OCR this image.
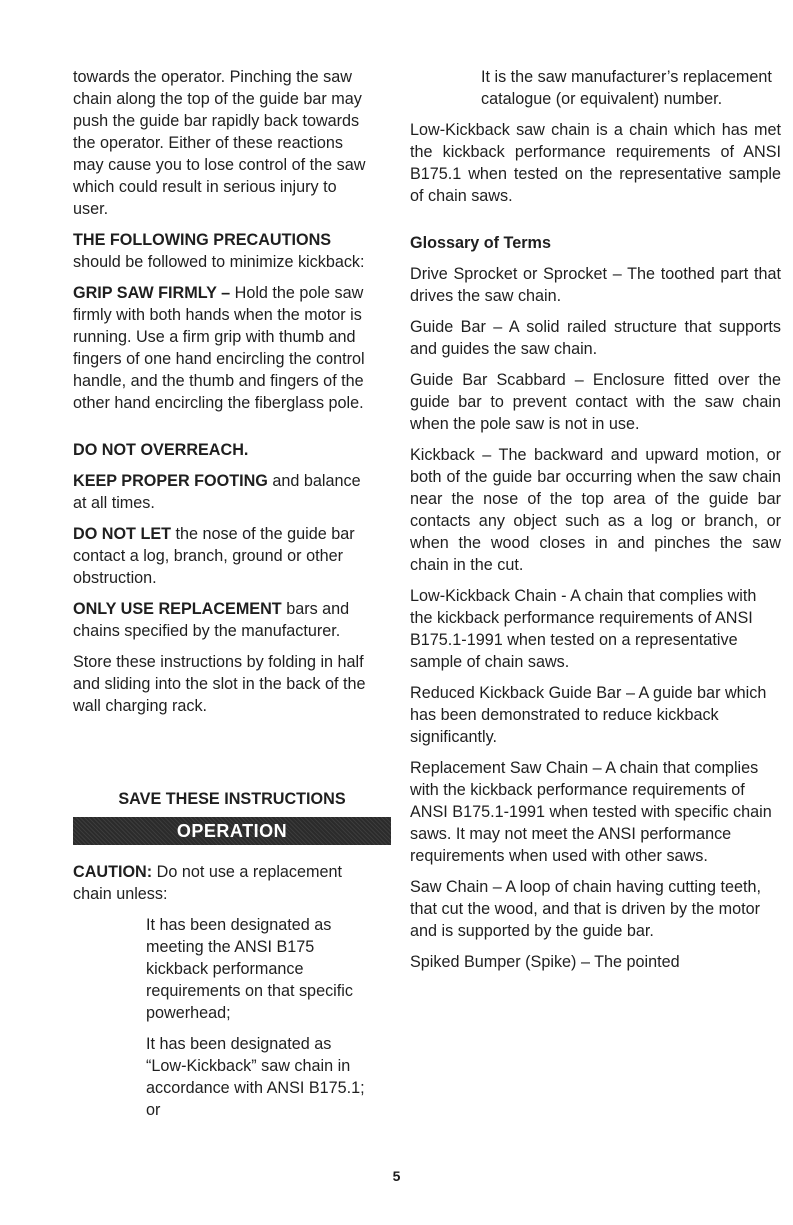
towards the operator. Pinching the saw chain along the top of the guide bar may push the guide bar rapidly back towards the operator. Either of these reactions may cause you to lose control of the saw which could result in serious injury to user.

THE FOLLOWING PRECAUTIONS should be followed to minimize kickback:

GRIP SAW FIRMLY – Hold the pole saw firmly with both hands when the motor is running. Use a firm grip with thumb and fingers of one hand encircling the control handle, and the thumb and fingers of the other hand encircling the fiberglass pole.

DO NOT OVERREACH.

KEEP PROPER FOOTING and balance at all times.

DO NOT LET the nose of the guide bar contact a log, branch, ground or other obstruction.

ONLY USE REPLACEMENT bars and chains specified by the manufacturer.

Store these instructions by folding in half and sliding into the slot in the back of the wall charging rack.

SAVE THESE INSTRUCTIONS
OPERATION

CAUTION: Do not use a replacement chain unless:

It has been designated as meeting the ANSI B175 kickback performance requirements on that specific powerhead;

It has been designated as “Low-Kickback” saw chain in accordance with ANSI B175.1; or

It is the saw manufacturer’s replacement catalogue (or equivalent) number.

Low-Kickback saw chain is a chain which has met the kickback performance requirements of ANSI B175.1 when tested on the representative sample of chain saws.

Glossary of Terms

Drive Sprocket or Sprocket – The toothed part that drives the saw chain.

Guide Bar – A solid railed structure that supports and guides the saw chain.

Guide Bar Scabbard – Enclosure fitted over the guide bar to prevent contact with the saw chain when the pole saw is not in use.

Kickback – The backward and upward motion, or both of the guide bar occurring when the saw chain near the nose of the top area of the guide bar contacts any object such as a log or branch, or when the wood closes in and pinches the saw chain in the cut.

Low-Kickback Chain - A chain that complies with the kickback performance requirements of ANSI B175.1-1991 when tested on a representative sample of chain saws.

Reduced Kickback Guide Bar – A guide bar which has been demonstrated to reduce kickback significantly.

Replacement Saw Chain – A chain that complies with the kickback performance requirements of ANSI B175.1-1991 when tested with specific chain saws. It may not meet the ANSI performance requirements when used with other saws.

Saw Chain – A loop of chain having cutting teeth, that cut the wood, and that is driven by the motor and is supported by the guide bar.

Spiked Bumper (Spike) – The pointed

5
